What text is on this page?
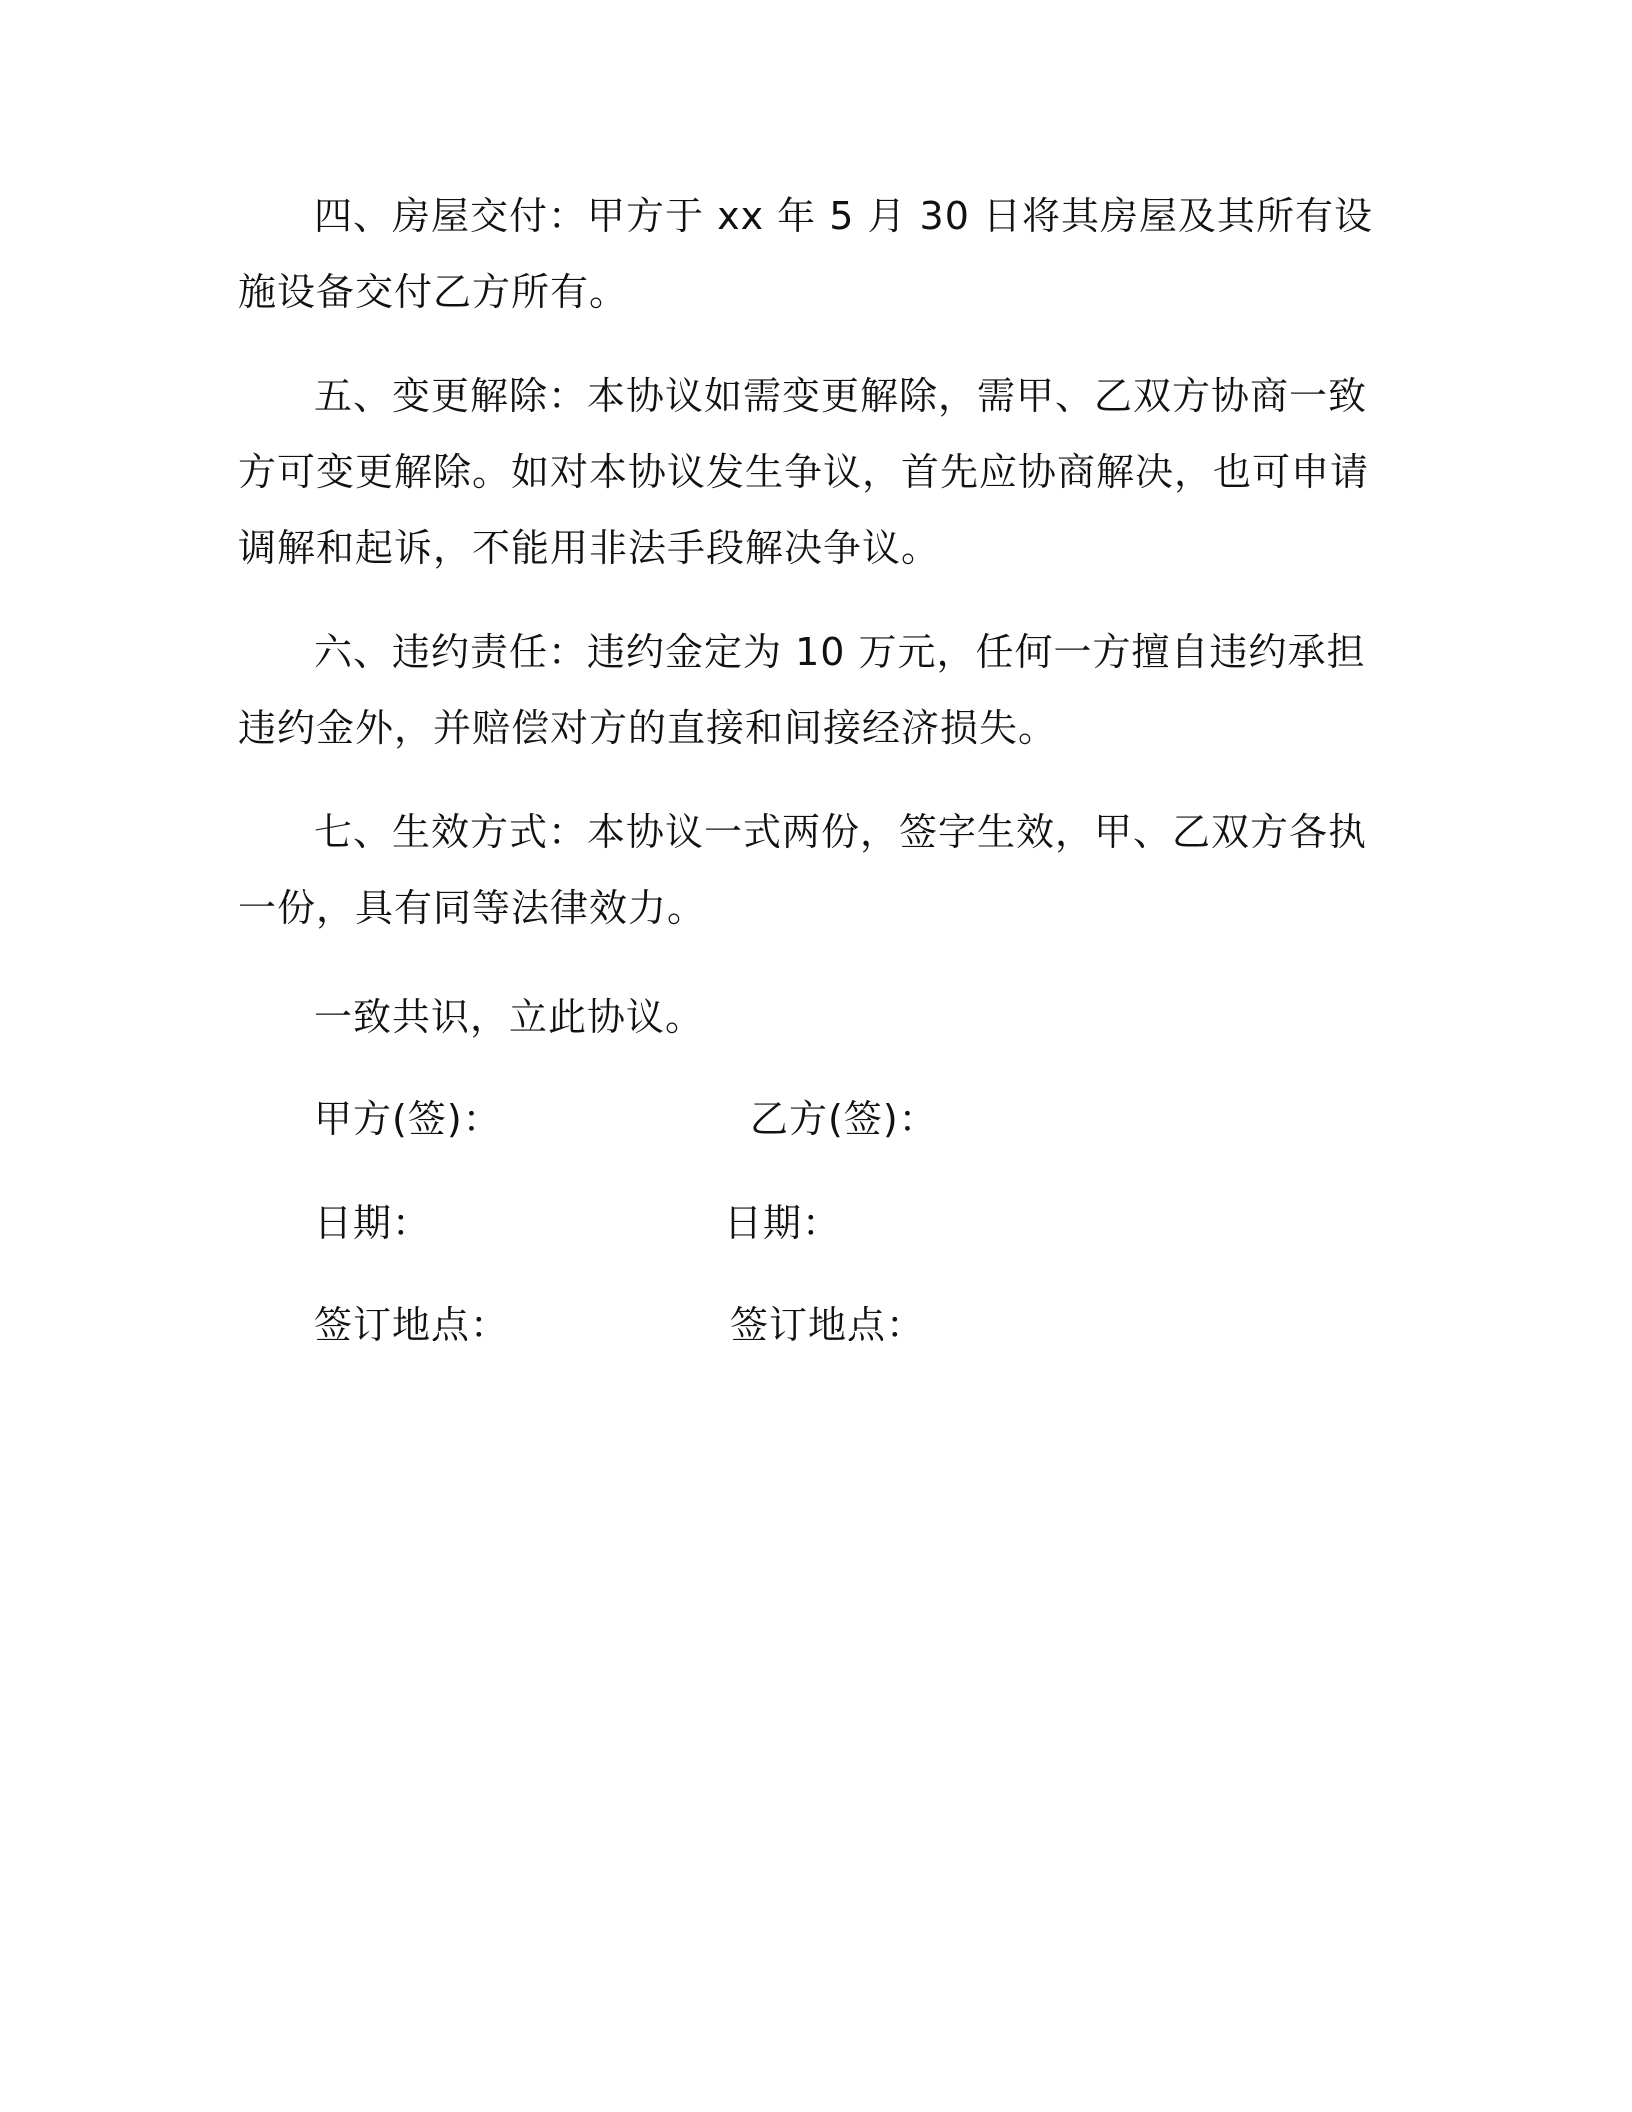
四、房屋交付：甲方于 xx 年 5 月 30 日将其房屋及其所有设施设备交付乙方所有。

五、变更解除：本协议如需变更解除，需甲、乙双方协商一致方可变更解除。如对本协议发生争议，首先应协商解决，也可申请调解和起诉，不能用非法手段解决争议。

六、违约责任：违约金定为 10 万元，任何一方擅自违约承担违约金外，并赔偿对方的直接和间接经济损失。

七、生效方式：本协议一式两份，签字生效，甲、乙双方各执一份，具有同等法律效力。

一致共识，立此协议。

甲方(签)：	乙方(签)：

日期：	日期：

签订地点：	签订地点：
